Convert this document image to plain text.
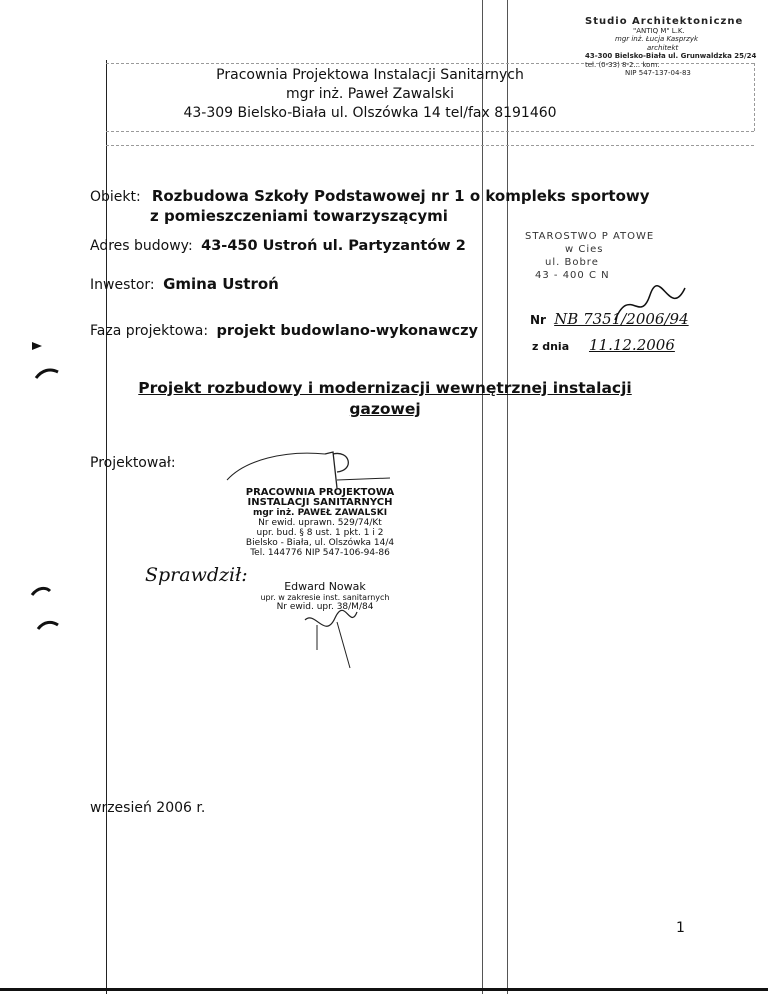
Studio Architektoniczne
"ANTIQ M" L.K.
mgr inż. Łucja Kasprzyk
architekt
43-300 Bielsko-Biała ul. Grunwaldzka 25/24
tel. (0-33) 8-2... kom.
NIP 547-137-04-83
Pracownia Projektowa Instalacji Sanitarnych
mgr inż. Paweł Zawalski
43-309 Bielsko-Biała ul. Olszówka 14 tel/fax 8191460
Obiekt: Rozbudowa Szkoły Podstawowej nr 1 o kompleks sportowy
z pomieszczeniami towarzyszącymi
Adres budowy: 43-450 Ustroń ul. Partyzantów 2
Inwestor: Gmina Ustroń
Faza projektowa: projekt budowlano-wykonawczy
STAROSTWO P ATOWE
w Cies
ul. Bobre
43 - 400 C N
Nr NB 7351/2006/94
z dnia 11.12.2006
Projekt rozbudowy i modernizacji wewnętrznej instalacji
gazowej
Projektował:
PRACOWNIA PROJEKTOWA
INSTALACJI SANITARNYCH
mgr inż. PAWEŁ ZAWALSKI
Nr ewid. uprawn. 529/74/Kt
upr. bud. § 8 ust. 1 pkt. 1 i 2
Bielsko - Biała, ul. Olszówka 14/4
Tel. 144776 NIP 547-106-94-86
Sprawdził:
Edward Nowak
upr. w zakresie inst. sanitarnych
Nr ewid. upr. 38/M/84
wrzesień 2006 r.
1
